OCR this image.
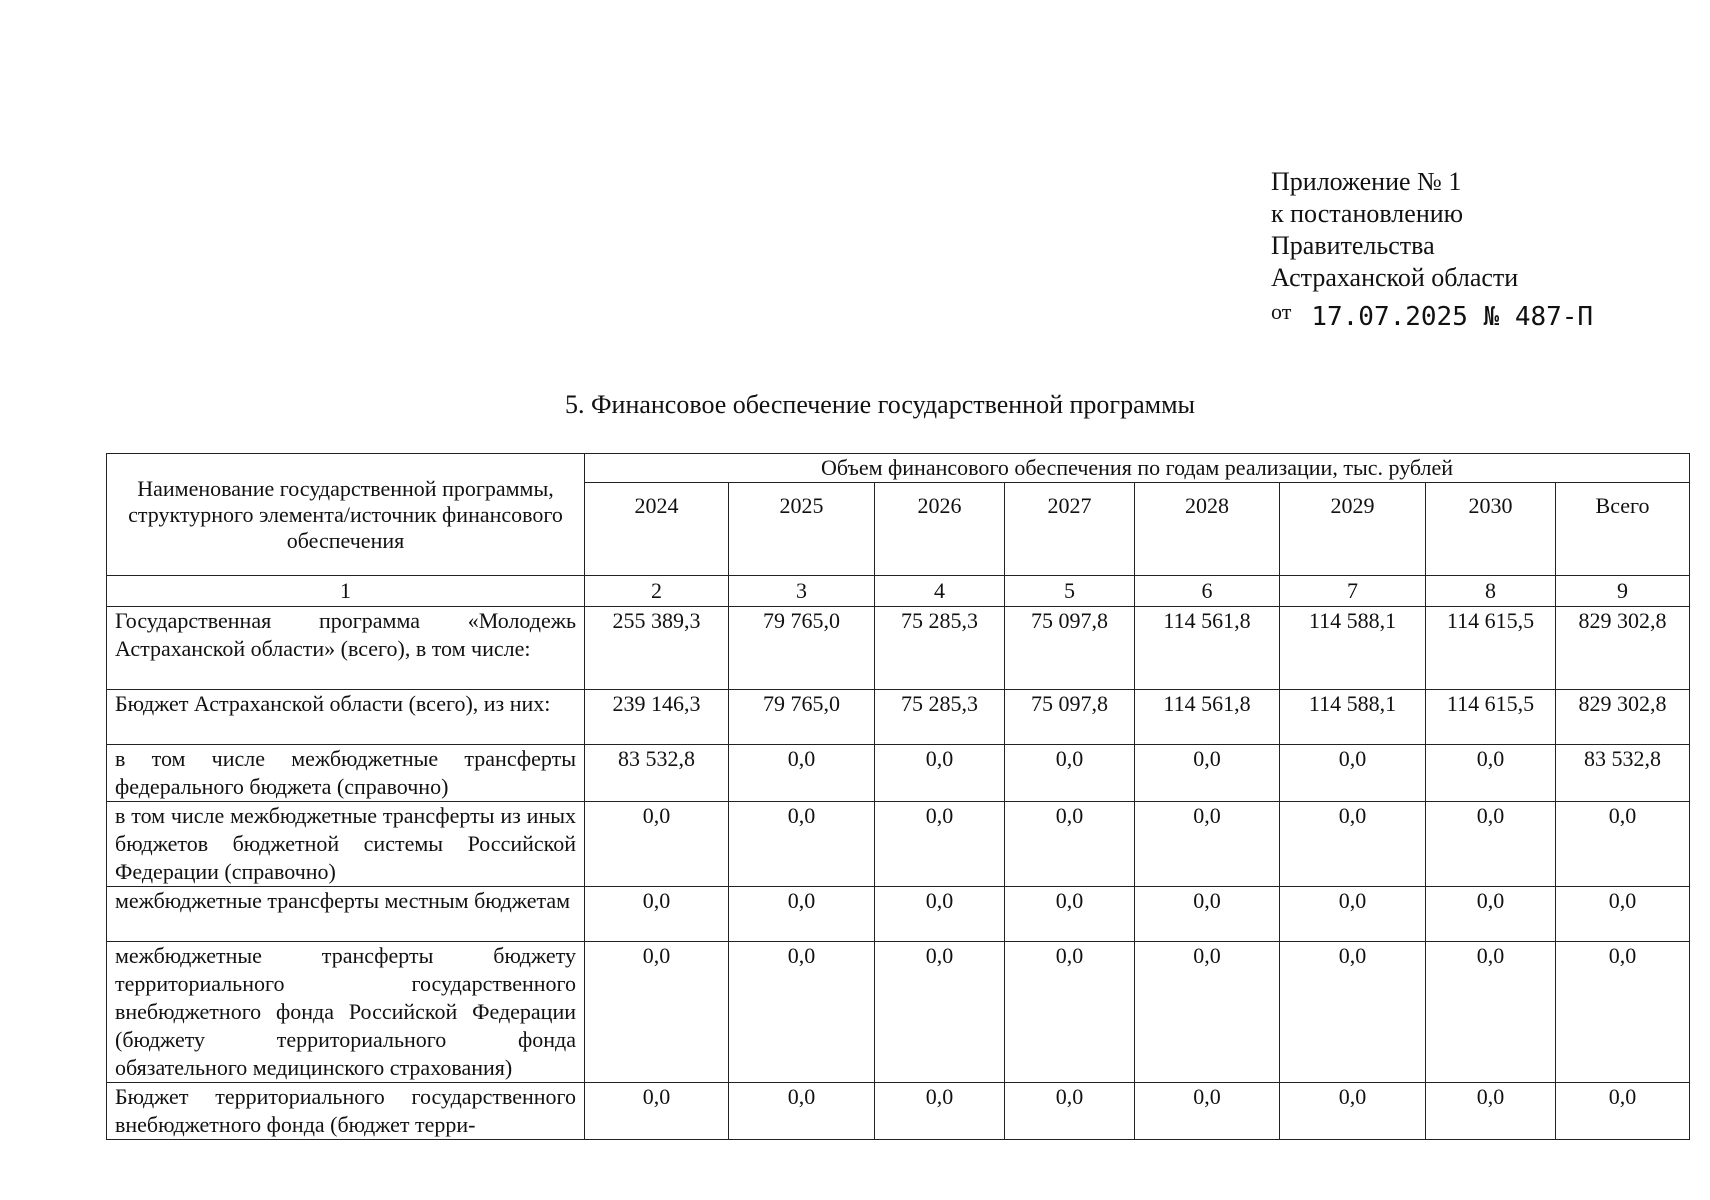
Приложение № 1
к постановлению
Правительства
Астраханской области
$^{от}$ 17.07.2025 № 487-П
5. Финансовое обеспечение государственной программы
Наименование государственной программы, структурного элемента/источник финансового обеспечения	Объем финансового обеспечения по годам реализации, тыс. рублей							
	2024	2025	2026	2027	2028	2029	2030	Всего
1	2	3	4	5	6	7	8	9
Государственная программа «Молодежь Астраханской области» (всего), в том числе:	255 389,3	79 765,0	75 285,3	75 097,8	114 561,8	114 588,1	114 615,5	829 302,8
Бюджет Астраханской области (всего), из них:	239 146,3	79 765,0	75 285,3	75 097,8	114 561,8	114 588,1	114 615,5	829 302,8
в том числе межбюджетные трансферты федерального бюджета (справочно)	83 532,8	0,0	0,0	0,0	0,0	0,0	0,0	83 532,8
в том числе межбюджетные трансферты из иных бюджетов бюджетной системы Российской Федерации (справочно)	0,0	0,0	0,0	0,0	0,0	0,0	0,0	0,0
межбюджетные трансферты местным бюджетам	0,0	0,0	0,0	0,0	0,0	0,0	0,0	0,0
межбюджетные трансферты бюджету территориального государственного внебюджетного фонда Российской Федерации (бюджету территориального фонда обязательного медицинского страхования)	0,0	0,0	0,0	0,0	0,0	0,0	0,0	0,0
Бюджет территориального государственного внебюджетного фонда (бюджет терри-	0,0	0,0	0,0	0,0	0,0	0,0	0,0	0,0
